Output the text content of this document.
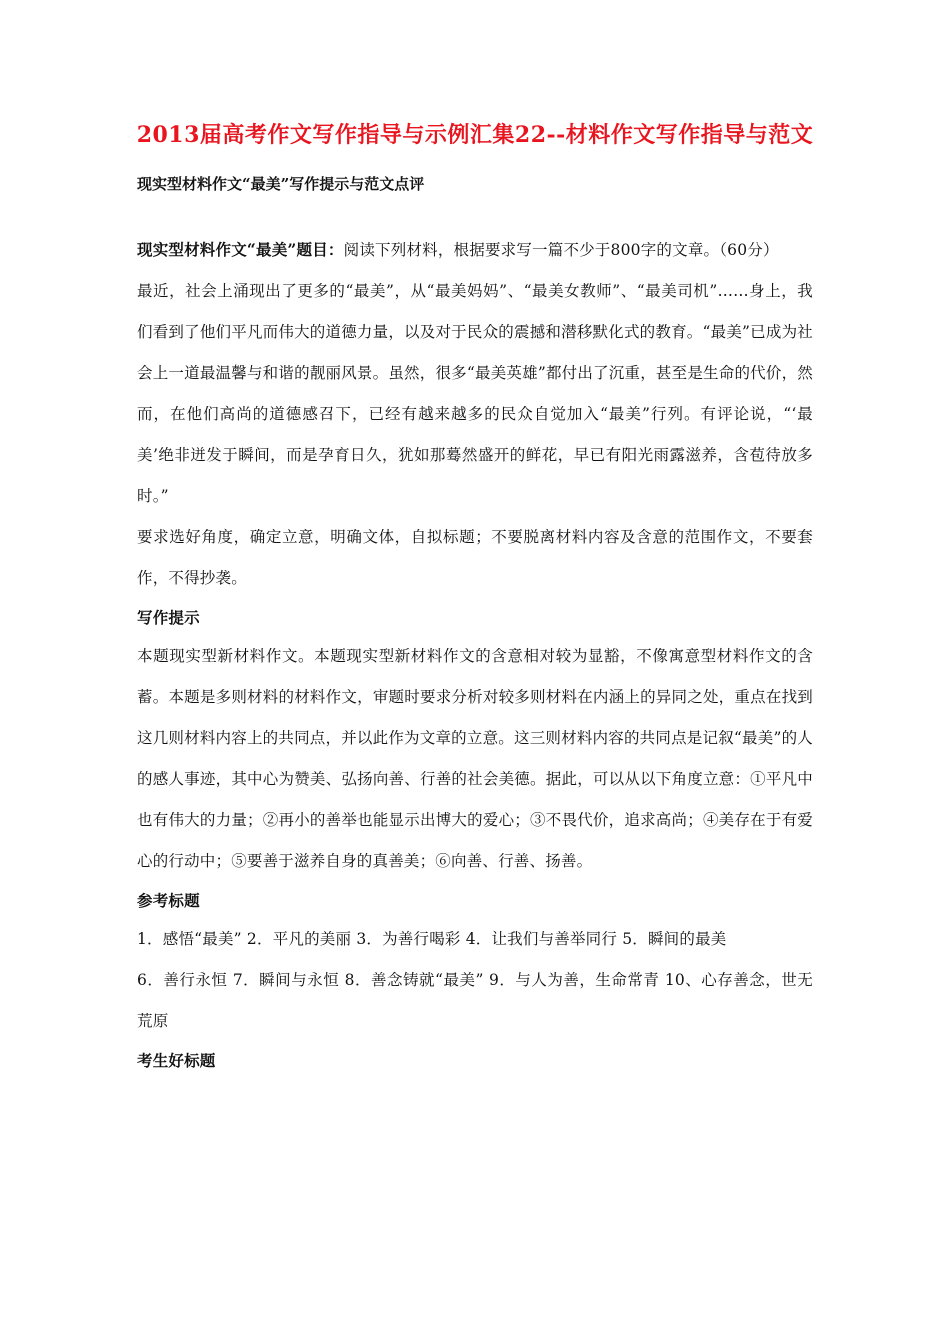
2013届高考作文写作指导与示例汇集22--材料作文写作指导与范文
现实型材料作文“最美”写作提示与范文点评

现实型材料作文“最美”题目：阅读下列材料，根据要求写一篇不少于800字的文章。（60分）

最近，社会上涌现出了更多的“最美”，从“最美妈妈”、“最美女教师”、“最美司机”……身上，我们看到了他们平凡而伟大的道德力量，以及对于民众的震撼和潜移默化式的教育。“最美”已成为社会上一道最温馨与和谐的靓丽风景。虽然，很多“最美英雄”都付出了沉重，甚至是生命的代价，然而，在他们高尚的道德感召下，已经有越来越多的民众自觉加入“最美”行列。有评论说，“‘最美’绝非迸发于瞬间，而是孕育日久，犹如那蓦然盛开的鲜花，早已有阳光雨露滋养，含苞待放多时。”

要求选好角度，确定立意，明确文体，自拟标题；不要脱离材料内容及含意的范围作文，不要套作，不得抄袭。

写作提示

本题现实型新材料作文。本题现实型新材料作文的含意相对较为显豁，不像寓意型材料作文的含蓄。本题是多则材料的材料作文，审题时要求分析对较多则材料在内涵上的异同之处，重点在找到这几则材料内容上的共同点，并以此作为文章的立意。这三则材料内容的共同点是记叙“最美”的人的感人事迹，其中心为赞美、弘扬向善、行善的社会美德。据此，可以从以下角度立意：①平凡中也有伟大的力量；②再小的善举也能显示出博大的爱心；③不畏代价，追求高尚；④美存在于有爱心的行动中；⑤要善于滋养自身的真善美；⑥向善、行善、扬善。

参考标题

1．感悟“最美” 2．平凡的美丽 3．为善行喝彩 4．让我们与善举同行 5．瞬间的最美

6．善行永恒 7．瞬间与永恒 8．善念铸就“最美” 9．与人为善，生命常青 10、心存善念，世无荒原

考生好标题
